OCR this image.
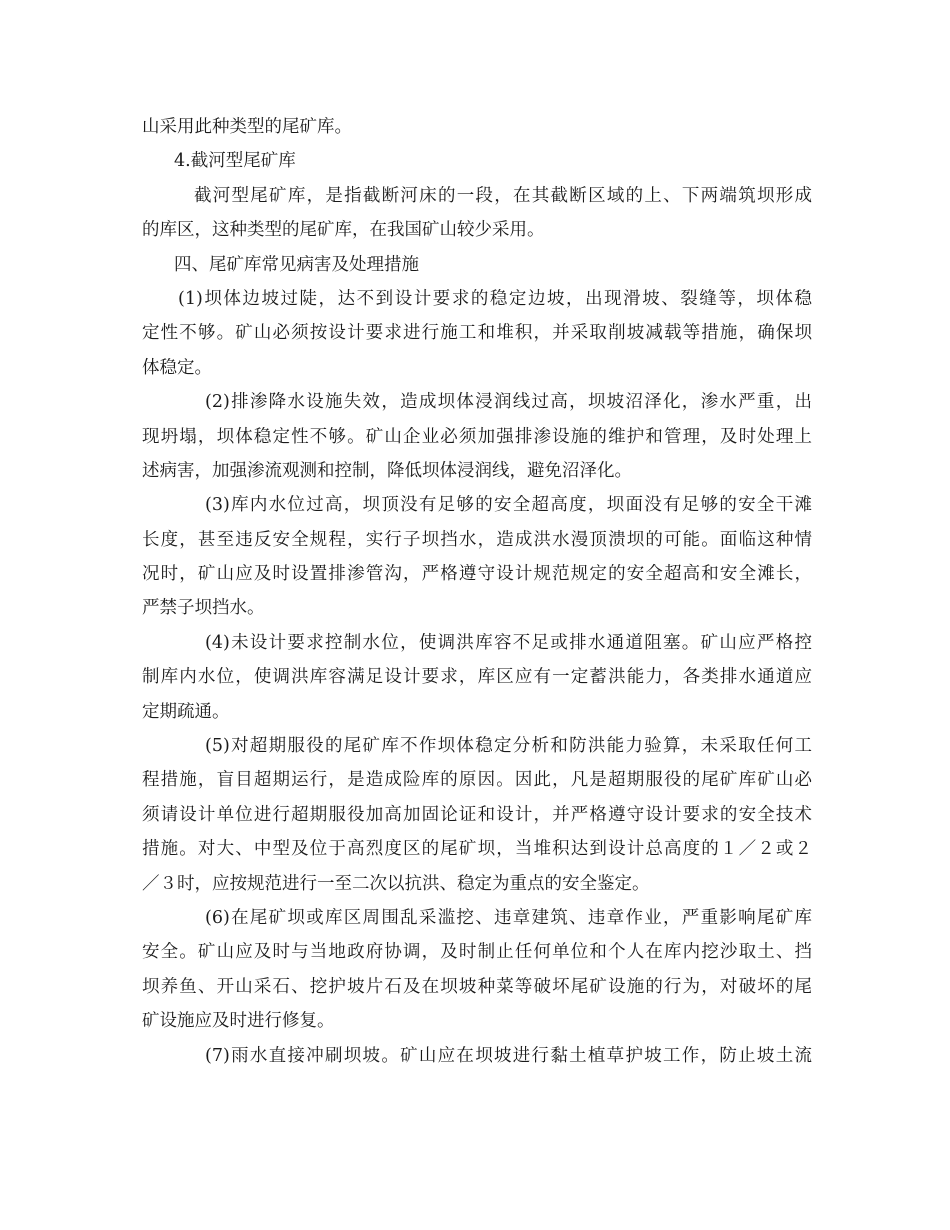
山采用此种类型的尾矿库。
4.截河型尾矿库
截河型尾矿库，是指截断河床的一段，在其截断区域的上、下两端筑坝形成
的库区，这种类型的尾矿库，在我国矿山较少采用。
四、尾矿库常见病害及处理措施
(1)坝体边坡过陡，达不到设计要求的稳定边坡，出现滑坡、裂缝等，坝体稳
定性不够。矿山必须按设计要求进行施工和堆积，并采取削坡减载等措施，确保坝
体稳定。
(2)排渗降水设施失效，造成坝体浸润线过高，坝坡沼泽化，渗水严重，出
现坍塌，坝体稳定性不够。矿山企业必须加强排渗设施的维护和管理，及时处理上
述病害，加强渗流观测和控制，降低坝体浸润线，避免沼泽化。
(3)库内水位过高，坝顶没有足够的安全超高度，坝面没有足够的安全干滩
长度，甚至违反安全规程，实行子坝挡水，造成洪水漫顶溃坝的可能。面临这种情
况时，矿山应及时设置排渗管沟，严格遵守设计规范规定的安全超高和安全滩长，
严禁子坝挡水。
(4)未设计要求控制水位，使调洪库容不足或排水通道阻塞。矿山应严格控
制库内水位，使调洪库容满足设计要求，库区应有一定蓄洪能力，各类排水通道应
定期疏通。
(5)对超期服役的尾矿库不作坝体稳定分析和防洪能力验算，未采取任何工
程措施，盲目超期运行，是造成险库的原因。因此，凡是超期服役的尾矿库矿山必
须请设计单位进行超期服役加高加固论证和设计，并严格遵守设计要求的安全技术
措施。对大、中型及位于高烈度区的尾矿坝，当堆积达到设计总高度的１／２或２
／３时，应按规范进行一至二次以抗洪、稳定为重点的安全鉴定。
(6)在尾矿坝或库区周围乱采滥挖、违章建筑、违章作业，严重影响尾矿库
安全。矿山应及时与当地政府协调，及时制止任何单位和个人在库内挖沙取土、挡
坝养鱼、开山采石、挖护坡片石及在坝坡种菜等破坏尾矿设施的行为，对破坏的尾
矿设施应及时进行修复。
(7)雨水直接冲刷坝坡。矿山应在坝坡进行黏土植草护坡工作，防止坡土流
